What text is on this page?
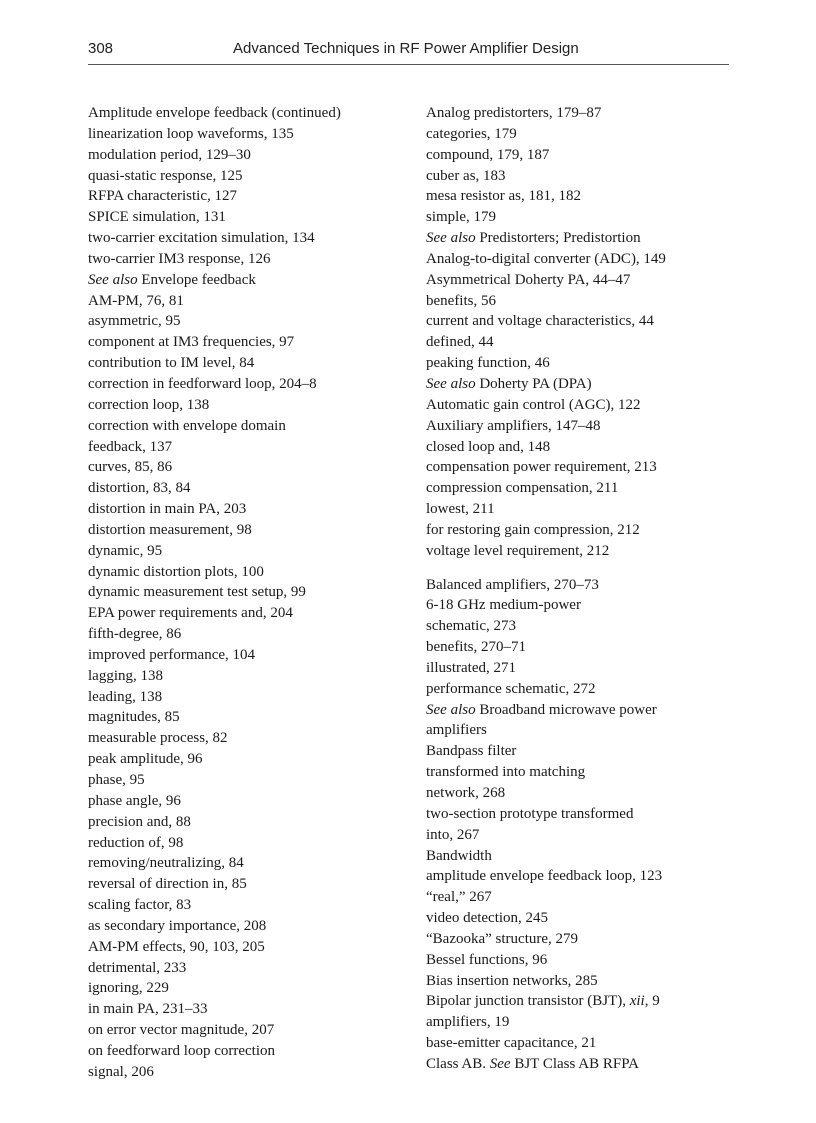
308	Advanced Techniques in RF Power Amplifier Design
Amplitude envelope feedback (continued)
linearization loop waveforms, 135
modulation period, 129–30
quasi-static response, 125
RFPA characteristic, 127
SPICE simulation, 131
two-carrier excitation simulation, 134
two-carrier IM3 response, 126
See also Envelope feedback
AM-PM, 76, 81
asymmetric, 95
component at IM3 frequencies, 97
contribution to IM level, 84
correction in feedforward loop, 204–8
correction loop, 138
correction with envelope domain
feedback, 137
curves, 85, 86
distortion, 83, 84
distortion in main PA, 203
distortion measurement, 98
dynamic, 95
dynamic distortion plots, 100
dynamic measurement test setup, 99
EPA power requirements and, 204
fifth-degree, 86
improved performance, 104
lagging, 138
leading, 138
magnitudes, 85
measurable process, 82
peak amplitude, 96
phase, 95
phase angle, 96
precision and, 88
reduction of, 98
removing/neutralizing, 84
reversal of direction in, 85
scaling factor, 83
as secondary importance, 208
AM-PM effects, 90, 103, 205
detrimental, 233
ignoring, 229
in main PA, 231–33
on error vector magnitude, 207
on feedforward loop correction
signal, 206
Analog predistorters, 179–87
categories, 179
compound, 179, 187
cuber as, 183
mesa resistor as, 181, 182
simple, 179
See also Predistorters; Predistortion
Analog-to-digital converter (ADC), 149
Asymmetrical Doherty PA, 44–47
benefits, 56
current and voltage characteristics, 44
defined, 44
peaking function, 46
See also Doherty PA (DPA)
Automatic gain control (AGC), 122
Auxiliary amplifiers, 147–48
closed loop and, 148
compensation power requirement, 213
compression compensation, 211
lowest, 211
for restoring gain compression, 212
voltage level requirement, 212
Balanced amplifiers, 270–73
6-18 GHz medium-power
schematic, 273
benefits, 270–71
illustrated, 271
performance schematic, 272
See also Broadband microwave power
amplifiers
Bandpass filter
transformed into matching
network, 268
two-section prototype transformed
into, 267
Bandwidth
amplitude envelope feedback loop, 123
“real,” 267
video detection, 245
“Bazooka” structure, 279
Bessel functions, 96
Bias insertion networks, 285
Bipolar junction transistor (BJT), xii, 9
amplifiers, 19
base-emitter capacitance, 21
Class AB. See BJT Class AB RFPA
